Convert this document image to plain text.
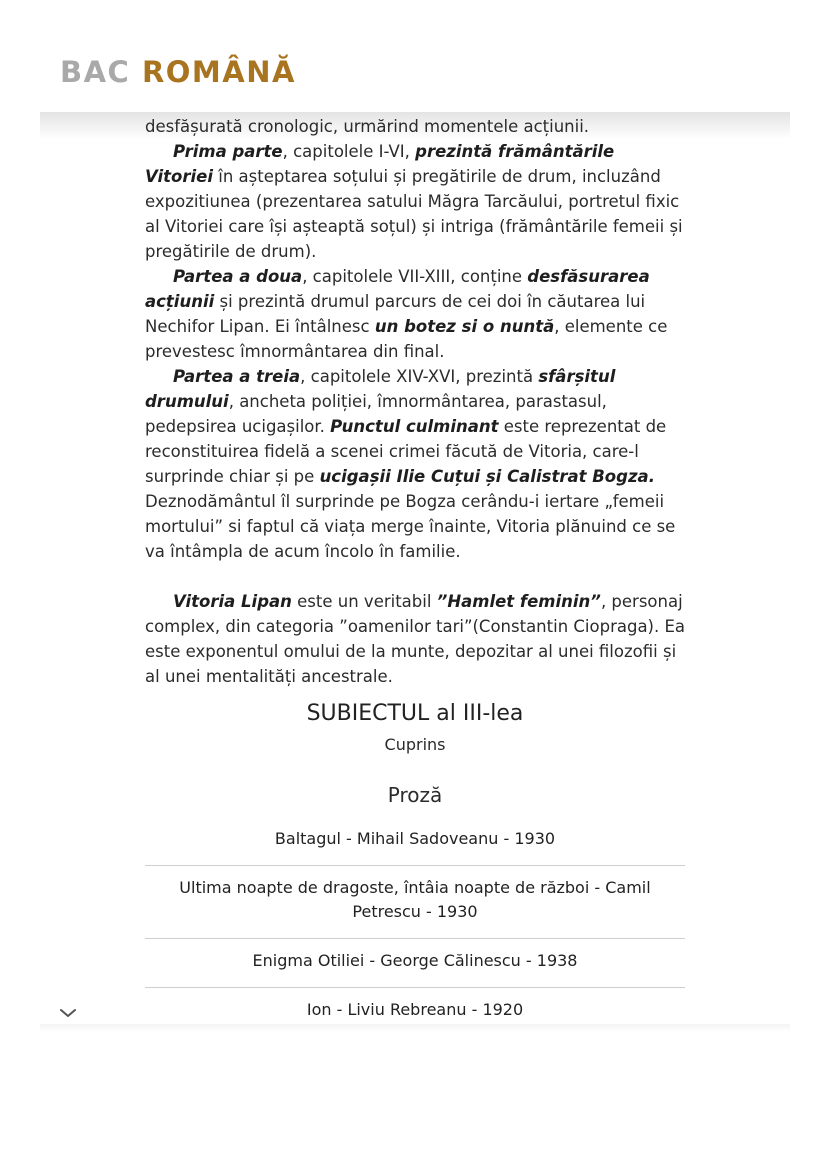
BAC ROMÂNĂ

desfășurată cronologic, urmărind momentele acțiunii.

Prima parte, capitolele I-VI, prezintă frământările Vitoriei în așteptarea soțului și pregătirile de drum, incluzând expozitiunea (prezentarea satului Măgra Tarcăului, portretul fixic al Vitoriei care își așteaptă soțul) și intriga (frământările femeii și pregătirile de drum).

Partea a doua, capitolele VII-XIII, conține desfăsurarea acțiunii și prezintă drumul parcurs de cei doi în căutarea lui Nechifor Lipan. Ei întâlnesc un botez si o nuntă, elemente ce prevestesc îmnormântarea din final.

Partea a treia, capitolele XIV-XVI, prezintă sfârșitul drumului, ancheta poliției, îmnormântarea, parastasul, pedepsirea ucigașilor. Punctul culminant este reprezentat de reconstituirea fidelă a scenei crimei făcută de Vitoria, care-l surprinde chiar și pe ucigașii Ilie Cuțui și Calistrat Bogza. Deznodământul îl surprinde pe Bogza cerându-i iertare „femeii mortului” si faptul că viața merge înainte, Vitoria plănuind ce se va întâmpla de acum încolo în familie.

Vitoria Lipan este un veritabil ”Hamlet feminin”, personaj complex, din categoria ”oamenilor tari”(Constantin Ciopraga). Ea este exponentul omului de la munte, depozitar al unei filozofii și al unei mentalități ancestrale.

SUBIECTUL al III-lea
Cuprins
Proză
Baltagul - Mihail Sadoveanu - 1930
Ultima noapte de dragoste, întâia noapte de război - Camil Petrescu - 1930
Enigma Otiliei - George Călinescu - 1938
Ion - Liviu Rebreanu - 1920
